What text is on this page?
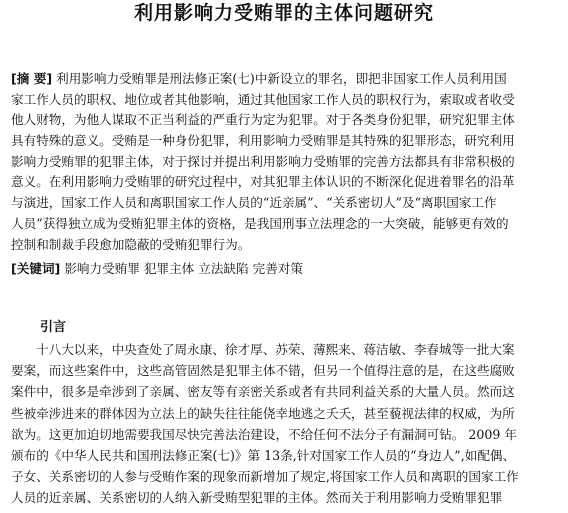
利用影响力受贿罪的主体问题研究
[摘 要] 利用影响力受贿罪是刑法修正案(七)中新设立的罪名，即把非国家工作人员利用国
家工作人员的职权、地位或者其他影响，通过其他国家工作人员的职权行为，索取或者收受
他人财物，为他人谋取不正当利益的严重行为定为犯罪。对于各类身份犯罪，研究犯罪主体
具有特殊的意义。受贿是一种身份犯罪，利用影响力受贿罪是其特殊的犯罪形态，研究利用
影响力受贿罪的犯罪主体，对于探讨并提出利用影响力受贿罪的完善方法都具有非常积极的
意义。在利用影响力受贿罪的研究过程中，对其犯罪主体认识的不断深化促进着罪名的沿革
与演进，国家工作人员和离职国家工作人员的“近亲属”、“关系密切人”及“离职国家工作
人员”获得独立成为受贿犯罪主体的资格，是我国刑事立法理念的一大突破，能够更有效的
控制和制裁手段愈加隐蔽的受贿犯罪行为。
[关键词] 影响力受贿罪 犯罪主体 立法缺陷 完善对策
引言
十八大以来，中央查处了周永康、徐才厚、苏荣、薄熙来、蒋洁敏、李春城等一批大案
要案，而这些案件中，这些高管固然是犯罪主体不错，但另一个值得注意的是，在这些腐败
案件中，很多是牵涉到了亲属、密友等有亲密关系或者有共同利益关系的大量人员。然而这
些被牵涉进来的群体因为立法上的缺失往往能侥幸地逃之夭夭，甚至藐视法律的权威，为所
欲为。这更加迫切地需要我国尽快完善法治建设，不给任何不法分子有漏洞可钻。 2009 年
颁布的《中华人民共和国刑法修正案(七)》第 13条,针对国家工作人员的“身边人”,如配偶、
子女、关系密切的人参与受贿作案的现象而新增加了规定,将国家工作人员和离职的国家工作
人员的近亲属、关系密切的人纳入新受贿型犯罪的主体。然而关于利用影响力受贿罪犯罪
